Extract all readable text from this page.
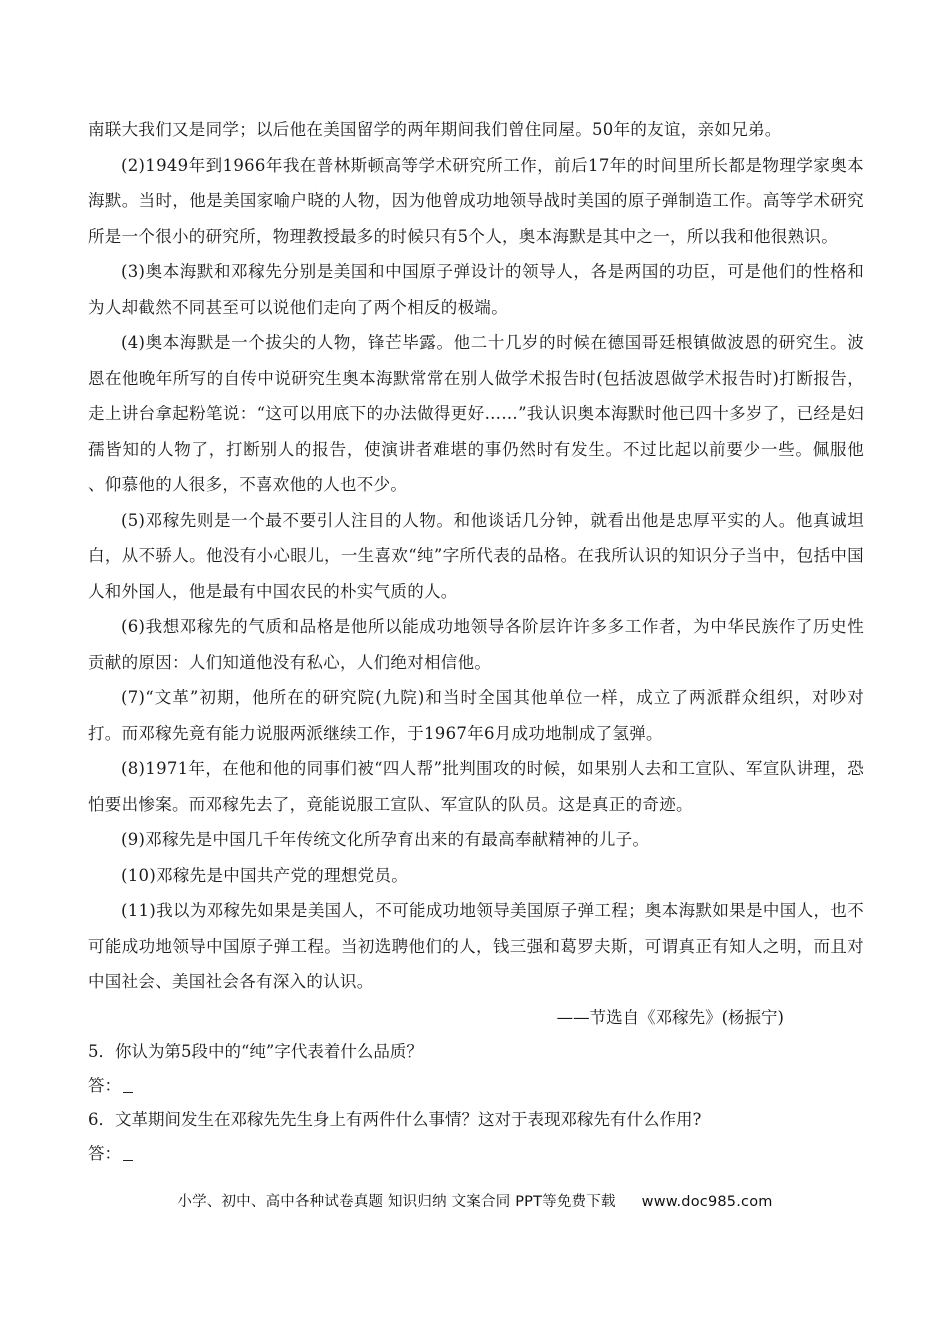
南联大我们又是同学；以后他在美国留学的两年期间我们曾住同屋。50年的友谊，亲如兄弟。

(2)1949年到1966年我在普林斯顿高等学术研究所工作，前后17年的时间里所长都是物理学家奥本海默。当时，他是美国家喻户晓的人物，因为他曾成功地领导战时美国的原子弹制造工作。高等学术研究所是一个很小的研究所，物理教授最多的时候只有5个人，奥本海默是其中之一，所以我和他很熟识。

(3)奥本海默和邓稼先分别是美国和中国原子弹设计的领导人，各是两国的功臣，可是他们的性格和为人却截然不同甚至可以说他们走向了两个相反的极端。

(4)奥本海默是一个拔尖的人物，锋芒毕露。他二十几岁的时候在德国哥廷根镇做波恩的研究生。波恩在他晚年所写的自传中说研究生奥本海默常常在别人做学术报告时(包括波恩做学术报告时)打断报告，走上讲台拿起粉笔说：“这可以用底下的办法做得更好……”我认识奥本海默时他已四十多岁了，已经是妇孺皆知的人物了，打断别人的报告，使演讲者难堪的事仍然时有发生。不过比起以前要少一些。佩服他 、仰慕他的人很多，不喜欢他的人也不少。

(5)邓稼先则是一个最不要引人注目的人物。和他谈话几分钟，就看出他是忠厚平实的人。他真诚坦白，从不骄人。他没有小心眼儿，一生喜欢“纯”字所代表的品格。在我所认识的知识分子当中，包括中国人和外国人，他是最有中国农民的朴实气质的人。

(6)我想邓稼先的气质和品格是他所以能成功地领导各阶层许许多多工作者，为中华民族作了历史性贡献的原因：人们知道他没有私心，人们绝对相信他。

(7)“文革”初期，他所在的研究院(九院)和当时全国其他单位一样，成立了两派群众组织，对吵对打。而邓稼先竟有能力说服两派继续工作，于1967年6月成功地制成了氢弹。

(8)1971年，在他和他的同事们被“四人帮”批判围攻的时候，如果别人去和工宣队、军宣队讲理，恐怕要出惨案。而邓稼先去了，竟能说服工宣队、军宣队的队员。这是真正的奇迹。

(9)邓稼先是中国几千年传统文化所孕育出来的有最高奉献精神的儿子。

(10)邓稼先是中国共产党的理想党员。

(11)我以为邓稼先如果是美国人，不可能成功地领导美国原子弹工程；奥本海默如果是中国人，也不可能成功地领导中国原子弹工程。当初选聘他们的人，钱三强和葛罗夫斯，可谓真正有知人之明，而且对中国社会、美国社会各有深入的认识。

——节选自《邓稼先》(杨振宁)

5．你认为第5段中的“纯”字代表着什么品质？

答：

6．文革期间发生在邓稼先先生身上有两件什么事情？这对于表现邓稼先有什么作用?

答：

小学、初中、高中各种试卷真题 知识归纳 文案合同 PPT等免费下载 www.doc985.com
